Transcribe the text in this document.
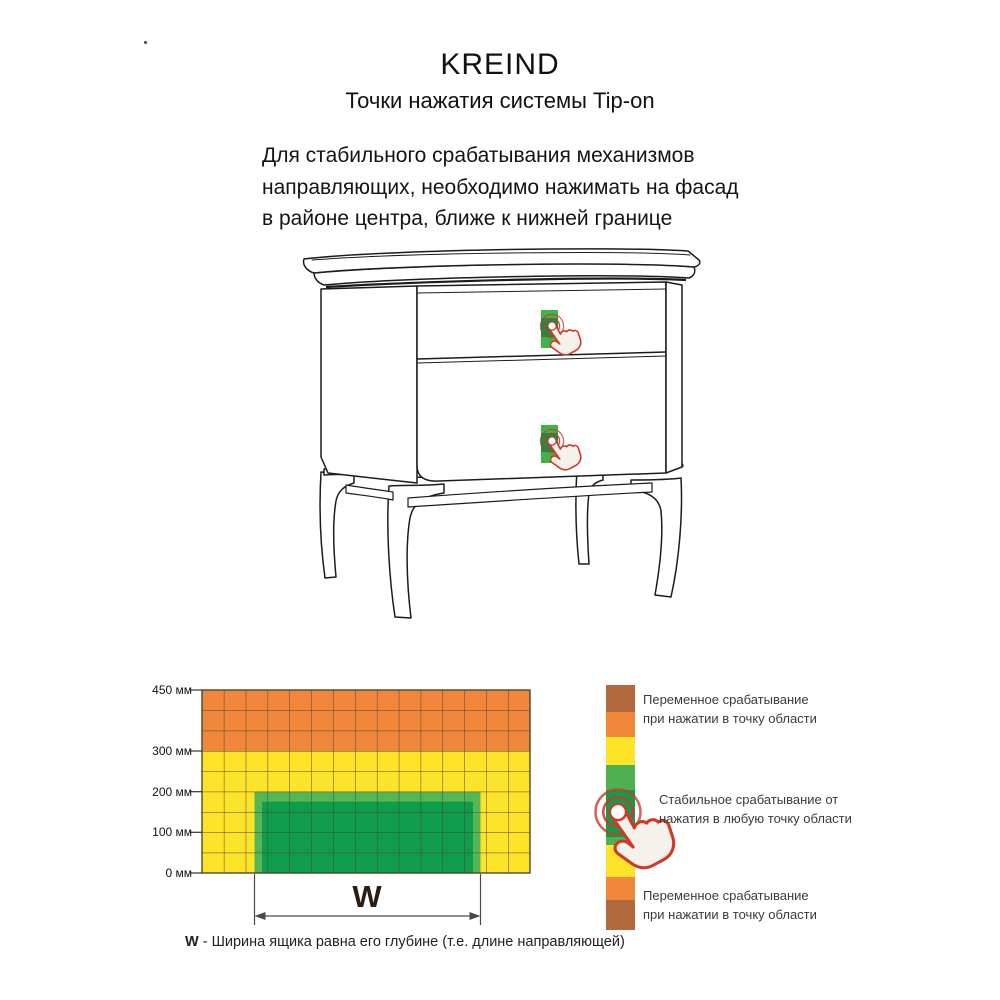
KREIND
Точки нажатия системы Tip-on
Для стабильного срабатывания механизмов
направляющих, необходимо нажимать на фасад
в районе центра, ближе к нижней границе
450 мм
300 мм
200 мм
100 мм
0 мм
W
W - Ширина ящика равна его глубине (т.е. длине направляющей)
Переменное срабатывание
при нажатии в точку области
Стабильное срабатывание от
нажатия в любую точку области
Переменное срабатывание
при нажатии в точку области
